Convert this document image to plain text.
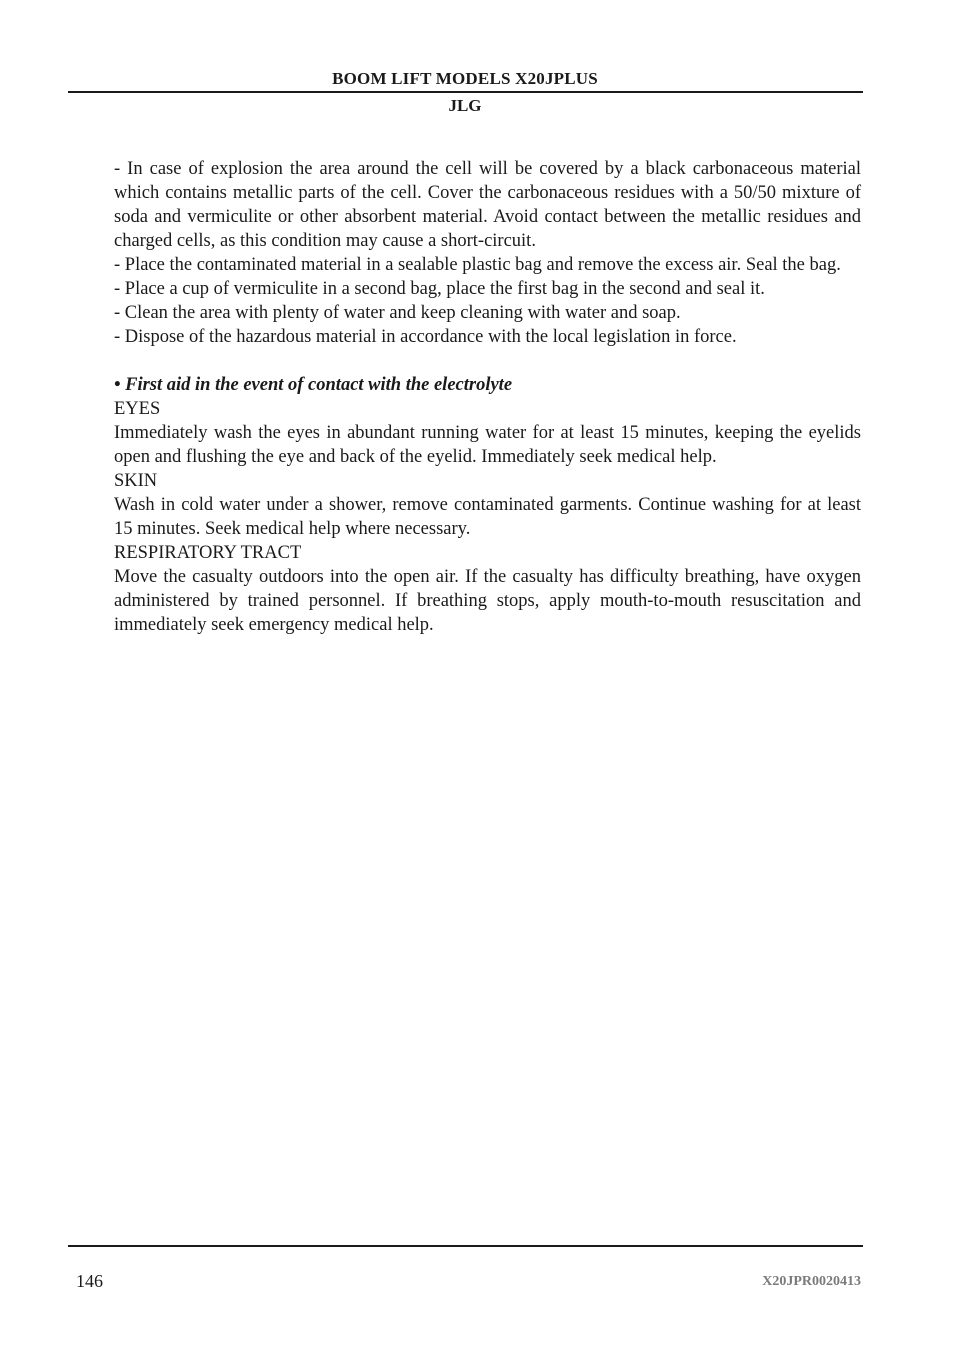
BOOM LIFT MODELS X20JPLUS
JLG

- In case of explosion the area around the cell will be covered by a black carbonaceous material which contains metallic parts of the cell. Cover the carbonaceous residues with a 50/50 mixture of soda and vermiculite or other absorbent material. Avoid contact between the metallic residues and charged cells, as this condition may cause a short-circuit.

- Place the contaminated material in a sealable plastic bag and remove the excess air. Seal the bag.

- Place a cup of vermiculite in a second bag, place the first bag in the second and seal it.

- Clean the area with plenty of water and keep cleaning with water and soap.

- Dispose of the hazardous material in accordance with the local legislation in force.

• First aid in the event of contact with the electrolyte

EYES

Immediately wash the eyes in abundant running water for at least 15 minutes, keeping the eyelids open and flushing the eye and back of the eyelid. Immediately seek medical help.

SKIN

Wash in cold water under a shower, remove contaminated garments. Continue washing for at least 15 minutes. Seek medical help where necessary.

RESPIRATORY TRACT

Move the casualty outdoors into the open air. If the casualty has difficulty breathing, have oxygen administered by trained personnel. If breathing stops, apply mouth-to-mouth resuscitation and immediately seek emergency medical help.

146	X20JPR0020413
